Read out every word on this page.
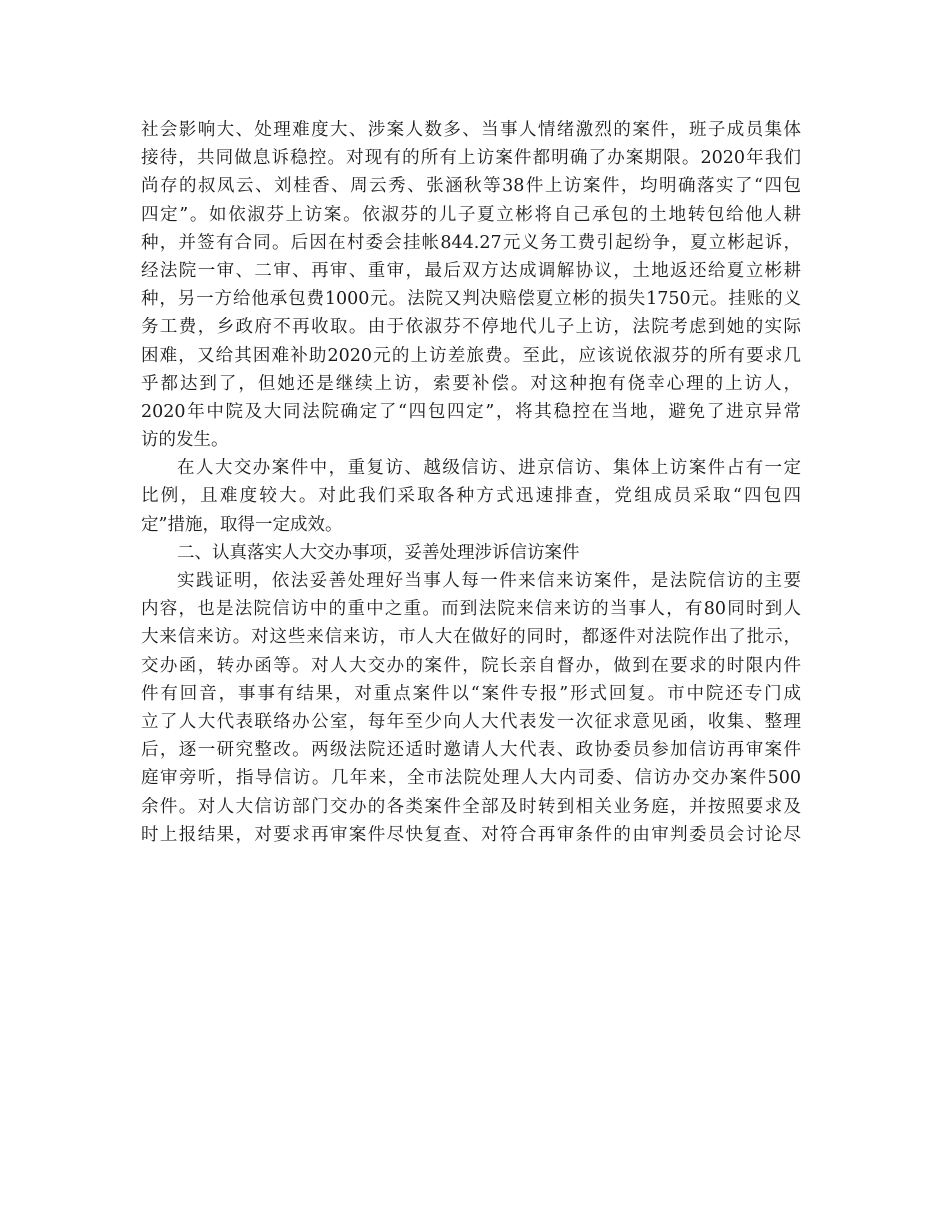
社会影响大、处理难度大、涉案人数多、当事人情绪激烈的案件，班子成员集体
接待，共同做息诉稳控。对现有的所有上访案件都明确了办案期限。2020年我们
尚存的叔凤云、刘桂香、周云秀、张涵秋等38件上访案件，均明确落实了“四包
四定”。如依淑芬上访案。依淑芬的儿子夏立彬将自己承包的土地转包给他人耕
种，并签有合同。后因在村委会挂帐844.27元义务工费引起纷争，夏立彬起诉，
经法院一审、二审、再审、重审，最后双方达成调解协议，土地返还给夏立彬耕
种，另一方给他承包费1000元。法院又判决赔偿夏立彬的损失1750元。挂账的义
务工费，乡政府不再收取。由于依淑芬不停地代儿子上访，法院考虑到她的实际
困难，又给其困难补助2020元的上访差旅费。至此，应该说依淑芬的所有要求几
乎都达到了，但她还是继续上访，索要补偿。对这种抱有侥幸心理的上访人，
2020年中院及大同法院确定了“四包四定”，将其稳控在当地，避免了进京异常
访的发生。
在人大交办案件中，重复访、越级信访、进京信访、集体上访案件占有一定
比例，且难度较大。对此我们采取各种方式迅速排查，党组成员采取“四包四
定”措施，取得一定成效。
二、认真落实人大交办事项，妥善处理涉诉信访案件
实践证明，依法妥善处理好当事人每一件来信来访案件，是法院信访的主要
内容，也是法院信访中的重中之重。而到法院来信来访的当事人，有80同时到人
大来信来访。对这些来信来访，市人大在做好的同时，都逐件对法院作出了批示，
交办函，转办函等。对人大交办的案件，院长亲自督办，做到在要求的时限内件
件有回音，事事有结果，对重点案件以“案件专报”形式回复。市中院还专门成
立了人大代表联络办公室，每年至少向人大代表发一次征求意见函，收集、整理
后，逐一研究整改。两级法院还适时邀请人大代表、政协委员参加信访再审案件
庭审旁听，指导信访。几年来，全市法院处理人大内司委、信访办交办案件500
余件。对人大信访部门交办的各类案件全部及时转到相关业务庭，并按照要求及
时上报结果，对要求再审案件尽快复查、对符合再审条件的由审判委员会讨论尽
